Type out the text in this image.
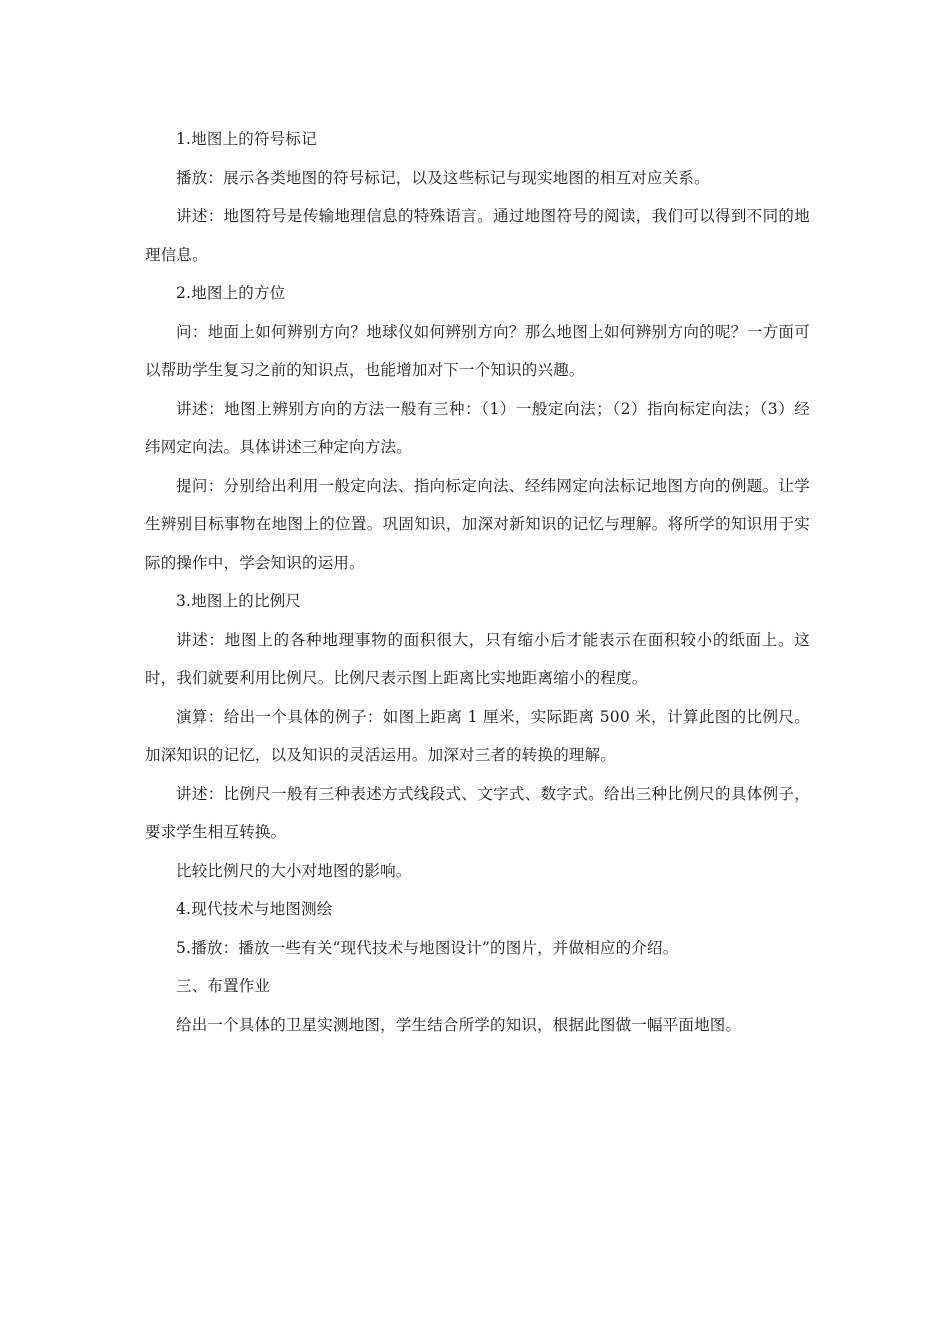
1.地图上的符号标记

播放：展示各类地图的符号标记，以及这些标记与现实地图的相互对应关系。

讲述：地图符号是传输地理信息的特殊语言。通过地图符号的阅读，我们可以得到不同的地理信息。

2.地图上的方位

问：地面上如何辨别方向？地球仪如何辨别方向？那么地图上如何辨别方向的呢？一方面可以帮助学生复习之前的知识点，也能增加对下一个知识的兴趣。

讲述：地图上辨别方向的方法一般有三种：（1）一般定向法；（2）指向标定向法；（3）经纬网定向法。具体讲述三种定向方法。

提问：分别给出利用一般定向法、指向标定向法、经纬网定向法标记地图方向的例题。让学生辨别目标事物在地图上的位置。巩固知识，加深对新知识的记忆与理解。将所学的知识用于实际的操作中，学会知识的运用。

3.地图上的比例尺

讲述：地图上的各种地理事物的面积很大，只有缩小后才能表示在面积较小的纸面上。这时，我们就要利用比例尺。比例尺表示图上距离比实地距离缩小的程度。

演算：给出一个具体的例子：如图上距离 1 厘米，实际距离 500 米，计算此图的比例尺。加深知识的记忆，以及知识的灵活运用。加深对三者的转换的理解。

讲述：比例尺一般有三种表述方式线段式、文字式、数字式。给出三种比例尺的具体例子，要求学生相互转换。

比较比例尺的大小对地图的影响。

4.现代技术与地图测绘

5.播放：播放一些有关“现代技术与地图设计”的图片，并做相应的介绍。

三、布置作业

给出一个具体的卫星实测地图，学生结合所学的知识，根据此图做一幅平面地图。
